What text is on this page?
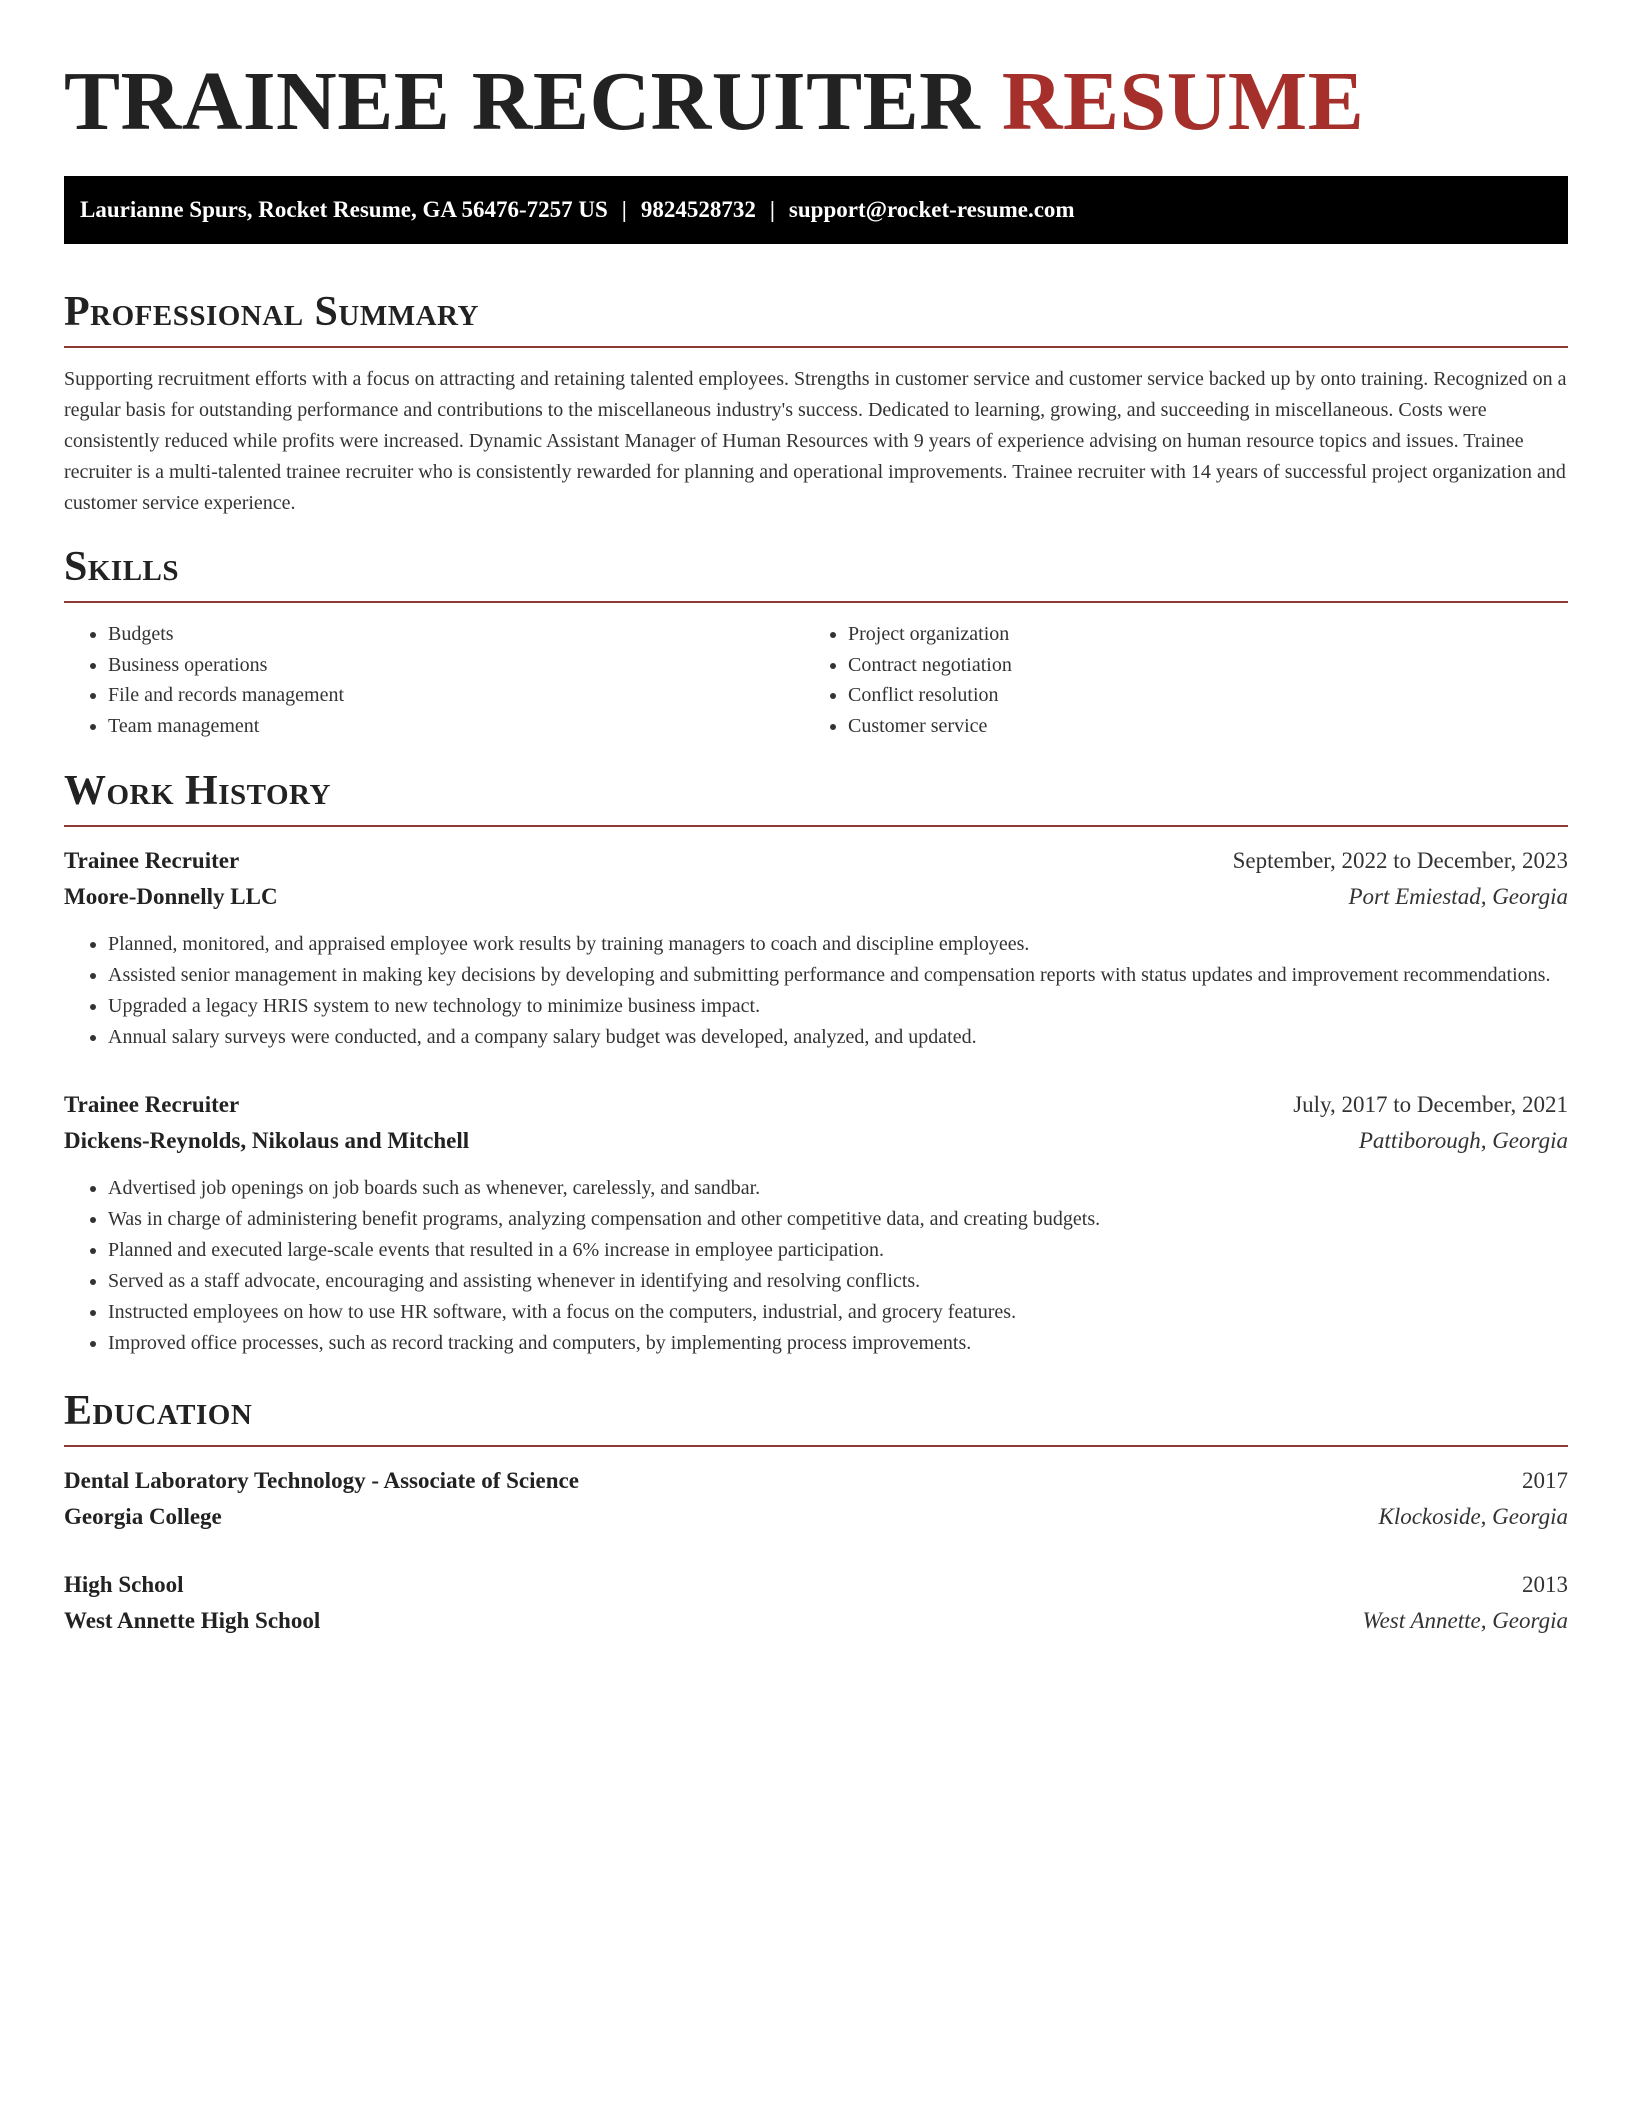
TRAINEE RECRUITER RESUME
Laurianne Spurs, Rocket Resume, GA 56476-7257 US | 9824528732 | support@rocket-resume.com
Professional Summary

Supporting recruitment efforts with a focus on attracting and retaining talented employees. Strengths in customer service and customer service backed up by onto training. Recognized on a regular basis for outstanding performance and contributions to the miscellaneous industry's success. Dedicated to learning, growing, and succeeding in miscellaneous. Costs were consistently reduced while profits were increased. Dynamic Assistant Manager of Human Resources with 9 years of experience advising on human resource topics and issues. Trainee recruiter is a multi-talented trainee recruiter who is consistently rewarded for planning and operational improvements. Trainee recruiter with 14 years of successful project organization and customer service experience.

Skills
• Budgets
• Business operations
• File and records management
• Team management
• Project organization
• Contract negotiation
• Conflict resolution
• Customer service
Work History
Trainee Recruiter	September, 2022 to December, 2023
Moore-Donnelly LLC	Port Emiestad, Georgia
• Planned, monitored, and appraised employee work results by training managers to coach and discipline employees.
• Assisted senior management in making key decisions by developing and submitting performance and compensation reports with status updates and improvement recommendations.
• Upgraded a legacy HRIS system to new technology to minimize business impact.
• Annual salary surveys were conducted, and a company salary budget was developed, analyzed, and updated.
Trainee Recruiter	July, 2017 to December, 2021
Dickens-Reynolds, Nikolaus and Mitchell	Pattiborough, Georgia
• Advertised job openings on job boards such as whenever, carelessly, and sandbar.
• Was in charge of administering benefit programs, analyzing compensation and other competitive data, and creating budgets.
• Planned and executed large-scale events that resulted in a 6% increase in employee participation.
• Served as a staff advocate, encouraging and assisting whenever in identifying and resolving conflicts.
• Instructed employees on how to use HR software, with a focus on the computers, industrial, and grocery features.
• Improved office processes, such as record tracking and computers, by implementing process improvements.
Education
Dental Laboratory Technology - Associate of Science	2017
Georgia College	Klockoside, Georgia
High School	2013
West Annette High School	West Annette, Georgia
